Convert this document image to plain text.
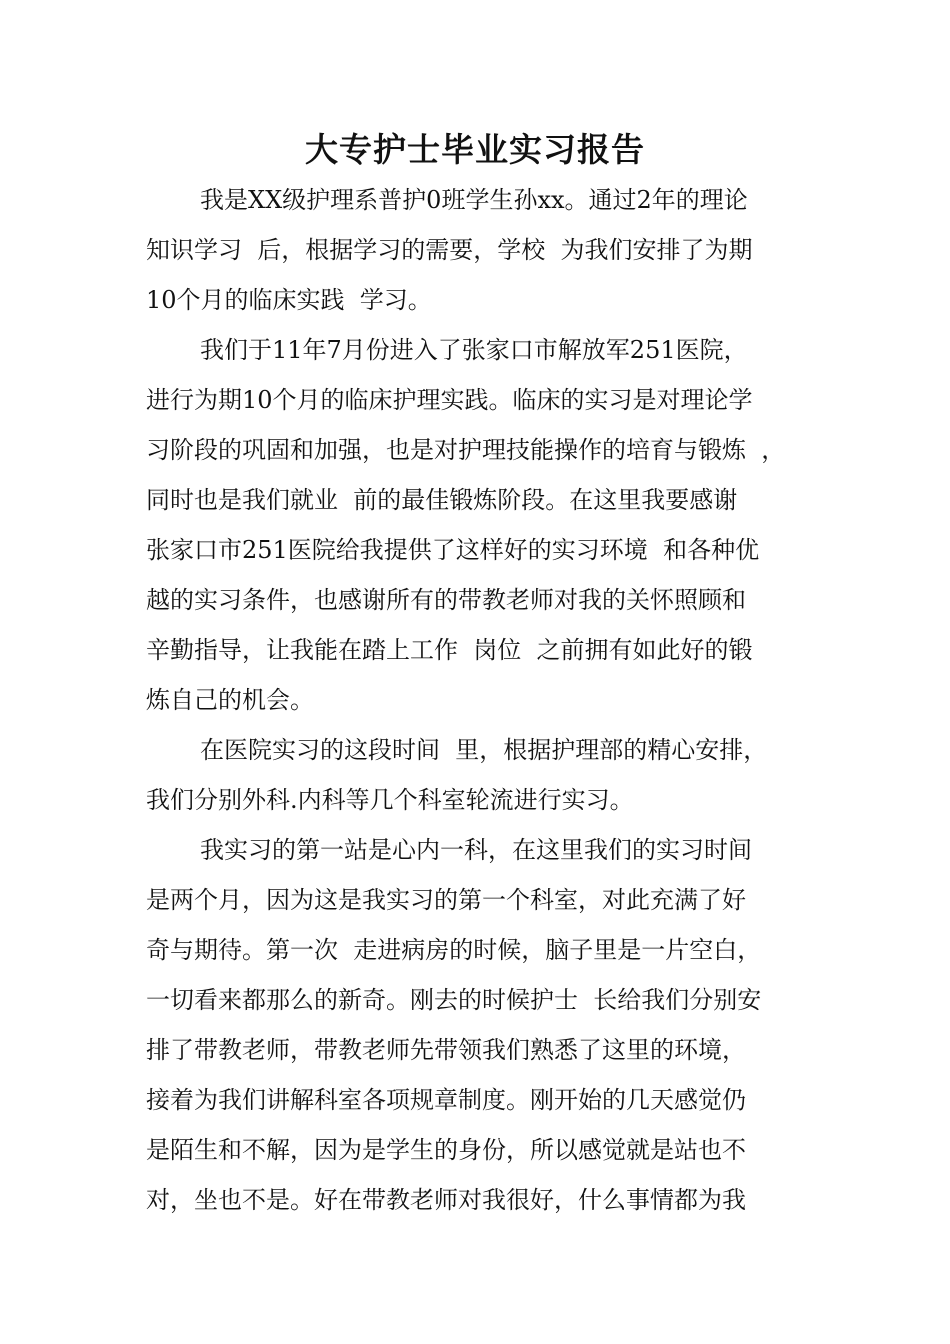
大专护士毕业实习报告
我是XX级护理系普护0班学生孙xx。通过2年的理论
知识学习  后，根据学习的需要，学校  为我们安排了为期
10个月的临床实践  学习。
我们于11年7月份进入了张家口市解放军251医院，
进行为期10个月的临床护理实践。临床的实习是对理论学
习阶段的巩固和加强，也是对护理技能操作的培育与锻炼  ，
同时也是我们就业  前的最佳锻炼阶段。在这里我要感谢
张家口市251医院给我提供了这样好的实习环境  和各种优
越的实习条件，也感谢所有的带教老师对我的关怀照顾和
辛勤指导，让我能在踏上工作  岗位  之前拥有如此好的锻
炼自己的机会。
在医院实习的这段时间  里，根据护理部的精心安排，
我们分别外科.内科等几个科室轮流进行实习。
我实习的第一站是心内一科，在这里我们的实习时间
是两个月，因为这是我实习的第一个科室，对此充满了好
奇与期待。第一次  走进病房的时候，脑子里是一片空白，
一切看来都那么的新奇。刚去的时候护士  长给我们分别安
排了带教老师，带教老师先带领我们熟悉了这里的环境，
接着为我们讲解科室各项规章制度。刚开始的几天感觉仍
是陌生和不解，因为是学生的身份，所以感觉就是站也不
对，坐也不是。好在带教老师对我很好，什么事情都为我
